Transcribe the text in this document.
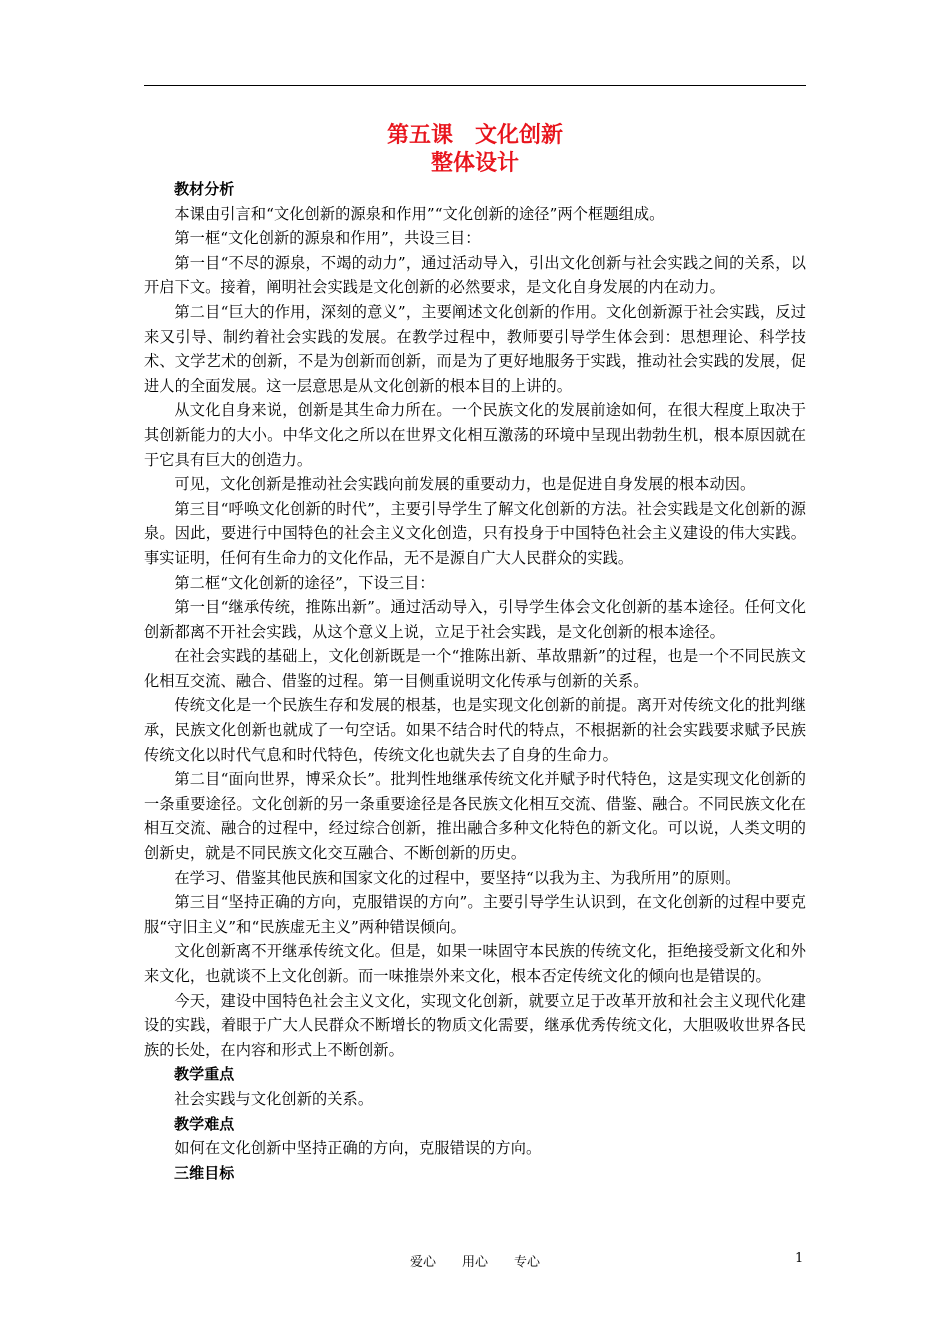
第五课　文化创新
整体设计

教材分析

本课由引言和“文化创新的源泉和作用”“文化创新的途径”两个框题组成。

第一框“文化创新的源泉和作用”，共设三目：

第一目“不尽的源泉，不竭的动力”，通过活动导入，引出文化创新与社会实践之间的关系，以开启下文。接着，阐明社会实践是文化创新的必然要求，是文化自身发展的内在动力。

第二目“巨大的作用，深刻的意义”，主要阐述文化创新的作用。文化创新源于社会实践，反过来又引导、制约着社会实践的发展。在教学过程中，教师要引导学生体会到：思想理论、科学技术、文学艺术的创新，不是为创新而创新，而是为了更好地服务于实践，推动社会实践的发展，促进人的全面发展。这一层意思是从文化创新的根本目的上讲的。

从文化自身来说，创新是其生命力所在。一个民族文化的发展前途如何，在很大程度上取决于其创新能力的大小。中华文化之所以在世界文化相互激荡的环境中呈现出勃勃生机，根本原因就在于它具有巨大的创造力。

可见，文化创新是推动社会实践向前发展的重要动力，也是促进自身发展的根本动因。

第三目“呼唤文化创新的时代”，主要引导学生了解文化创新的方法。社会实践是文化创新的源泉。因此，要进行中国特色的社会主义文化创造，只有投身于中国特色社会主义建设的伟大实践。事实证明，任何有生命力的文化作品，无不是源自广大人民群众的实践。

第二框“文化创新的途径”，下设三目：

第一目“继承传统，推陈出新”。通过活动导入，引导学生体会文化创新的基本途径。任何文化创新都离不开社会实践，从这个意义上说，立足于社会实践，是文化创新的根本途径。

在社会实践的基础上，文化创新既是一个“推陈出新、革故鼎新”的过程，也是一个不同民族文化相互交流、融合、借鉴的过程。第一目侧重说明文化传承与创新的关系。

传统文化是一个民族生存和发展的根基，也是实现文化创新的前提。离开对传统文化的批判继承，民族文化创新也就成了一句空话。如果不结合时代的特点，不根据新的社会实践要求赋予民族传统文化以时代气息和时代特色，传统文化也就失去了自身的生命力。

第二目“面向世界，博采众长”。批判性地继承传统文化并赋予时代特色，这是实现文化创新的一条重要途径。文化创新的另一条重要途径是各民族文化相互交流、借鉴、融合。不同民族文化在相互交流、融合的过程中，经过综合创新，推出融合多种文化特色的新文化。可以说，人类文明的创新史，就是不同民族文化交互融合、不断创新的历史。

在学习、借鉴其他民族和国家文化的过程中，要坚持“以我为主、为我所用”的原则。

第三目“坚持正确的方向，克服错误的方向”。主要引导学生认识到，在文化创新的过程中要克服“守旧主义”和“民族虚无主义”两种错误倾向。

文化创新离不开继承传统文化。但是，如果一味固守本民族的传统文化，拒绝接受新文化和外来文化，也就谈不上文化创新。而一味推崇外来文化，根本否定传统文化的倾向也是错误的。

今天，建设中国特色社会主义文化，实现文化创新，就要立足于改革开放和社会主义现代化建设的实践，着眼于广大人民群众不断增长的物质文化需要，继承优秀传统文化，大胆吸收世界各民族的长处，在内容和形式上不断创新。

教学重点

社会实践与文化创新的关系。

教学难点

如何在文化创新中坚持正确的方向，克服错误的方向。

三维目标

爱心　　用心　　专心	1
